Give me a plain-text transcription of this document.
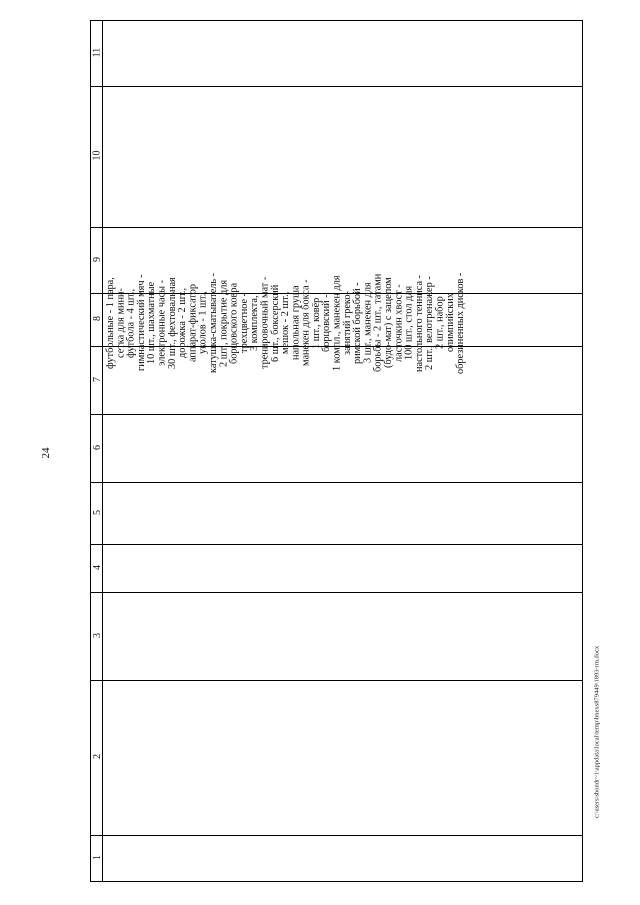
24
c:\users\sbondr~1\appdata\local\temp\bnexs879449\1893-rm.docx
11
10
9
8
7
6
5
4
3
2
1
футбольные - 1 пара, сетка для мини- футбола - 4 шт., гимнастический мяч - 10 шт., шахматные электронные часы - 30 шт., фехтовальная дорожка - 2 шт., аппарат-фиксатор уколов - 1 шт., катушка-сматыватель - 2 шт., покрытие для борцовского ковра трехцветное - 3 комплекта, тренировочный мат - 6 шт., боксерский мешок - 2 шт., напольная груша манекен для бокса - 1 шт., ковёр борцовский - 1 компл., манекен для занятий греко- римской борьбой - 3 шт., манекен для борьбы - 2 шт., татами (будо-мат) с зацепом ласточкин хвост - 100 шт., стол для настольного тенниса - 2 шт., велотренажер - 2 шт., набор олимпийских обрезиненных дисков -
